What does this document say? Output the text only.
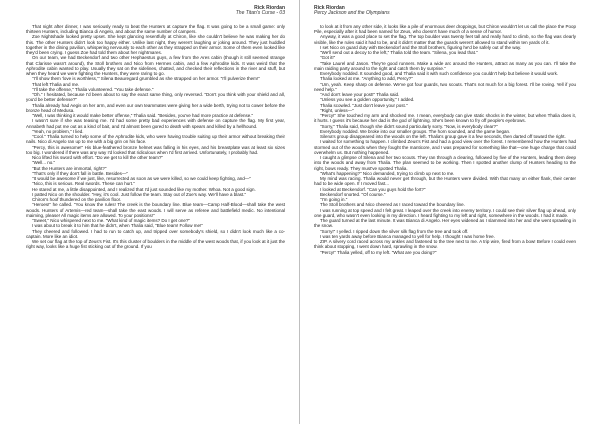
Rick Riordan
The Titan's Curse - 03

That night after dinner, I was seriously ready to beat the Hunters at capture the flag. It was going to be a small game: only thirteen Hunters, including Bianca di Angelo, and about the same number of campers.

Zoe Nightshade looked pretty upset. She kept glancing resentfully at Chiron, like she couldn't believe he was making her do this. The other Hunters didn't look too happy either. Unlike last night, they weren't laughing or joking around. They just huddled together in the dining pavilion, whispering nervously to each other as they strapped on their armor. Some of them even looked like they'd been crying. I guess Zoe had told them about her nightmares.

On our team, we had Beckendorf and two other Hephaestus guys, a few from the Ares cabin (though it still seemed strange that Clarisse wasn't around), the Stoll brothers and Nico from Hermes cabin, and a few Aphrodite kids. It was weird that the Aphrodite cabin wanted to play. Usually they sat on the sidelines, chatted, and checked their reflections in the river and stuff, but when they heard we were fighting the Hunters, they were raring to go.

"I'll show them 'love is worthless,'" Silena Beauregard grumbled as she strapped on her armor. "I'll pulverize them!"

That left Thalia and me.

"I'll take the offense," Thalia volunteered. "You take defense."

"Oh." I hesitated, because I'd been about to say the exact same thing, only reversed. "Don't you think with your shield and all, you'd be better defense?"

Thalia already had Aegis on her arm, and even our own teammates were giving her a wide berth, trying not to cower before the bronze head of Medusa.

"Well, I was thinking it would make better offense," Thalia said. "Besides, you've had more practice at defense."

I wasn't sure if she was teasing me. I'd had some pretty bad experiences with defense on capture the flag. My first year, Annabeth had put me out as a kind of bait, and I'd almost been gored to death with spears and killed by a hellhound.

"Yeah, no problem," I lied.

"Cool." Thalia turned to help some of the Aphrodite kids, who were having trouble suiting up their armor without breaking their nails. Nico di Angelo ran up to me with a big grin on his face.

"Percy, this is awesome!" His blue-feathered bronze helmet was falling in his eyes, and his breastplate was at least six sizes too big. I wondered if there was any way I'd looked that ridiculous when I'd first arrived. Unfortunately, I probably had.

Nico lifted his sword with effort. "Do we get to kill the other team?"

"Well... no."

"But the Hunters are immortal, right?"

"That's only if they don't fall in battle. Besides—"

"It would be awesome if we just, like, resurrected as soon as we were killed, so we could keep fighting, and—"

"Nico, this is serious. Real swords. These can hurt."

He stared at me, a little disappointed, and I realized that I'd just sounded like my mother. Whoa. Not a good sign.

I patted Nico on the shoulder. "Hey, it's cool. Just follow the team. Stay out of Zoe's way. We'll have a blast."

Chiron's hoof thundered on the pavilion floor.

"Heroes!" he called. "You know the rules! The creek is the boundary line. Blue team—Camp Half-Blood—shall take the west woods. Hunters of Artemis—red team—shall take the east woods. I will serve as referee and battlefield medic. No intentional maiming, please! All magic items are allowed. To your positions!"

"Sweet," Nico whispered next to me. "What kind of magic items? Do I get one?"

I was about to break it to him that he didn't, when Thalia said, "Blue team! Follow me!"

They cheered and followed. I had to run to catch up, and tripped over somebody's shield, so I didn't look much like a co-captain. More like an idiot.

We set our flag at the top of Zeus's Fist. It's this cluster of boulders in the middle of the west woods that, if you look at it just the right way, looks like a huge fist sticking out of the ground. If you

Rick Riordan
Percy Jackson and the Olympians

to look at it from any other side, it looks like a pile of enormous deer droppings, but Chiron wouldn't let us call the place the Poop Pile, especially after it had been named for Zeus, who doesn't have much of a sense of humor.

Anyway, it was a good place to set the flag. The top boulder was twenty feet tall and really hard to climb, so the flag was clearly visible, like the rules said it had to be, and it didn't matter that the guards weren't allowed to stand within ten yards of it.

I set Nico on guard duty with Beckendorf and the Stoll brothers, figuring he'd be safely out of the way.

"We'll send out a decoy to the left," Thalia told the team. "Silena, you lead that."

"Got it!"

"Take Laurel and Jason. They're good runners. Make a wide arc around the Hunters, attract as many as you can. I'll take the main raiding party around to the right and catch them by surprise."

Everybody nodded. It sounded good, and Thalia said it with such confidence you couldn't help but believe it would work.

Thalia looked at me. "Anything to add, Percy?"

"Um, yeah. Keep sharp on defense. We've got four guards, two scouts. That's not much for a big forest. I'll be roving. Yell if you need help."

"And don't leave your post!" Thalia said.

"Unless you see a golden opportunity," I added.

Thalia scowled. "Just don't leave your post."

"Right, unless—"

"Percy!" She touched my arm and shocked me. I mean, everybody can give static shocks in the winter, but when Thalia does it, it hurts. I guess it's because her dad is the god of lightning. She's been known to fry off people's eyebrows.

"Sorry," Thalia said, though she didn't sound particularly sorry. "Now, is everybody clear?"

Everybody nodded. We broke into our smaller groups. The horn sounded, and the game began.

Silena's group disappeared into the woods on the left. Thalia's group gave it a few seconds, then darted off toward the right.

I waited for something to happen. I climbed Zeus's Fist and had a good view over the forest. I remembered how the Hunters had stormed out of the woods when they fought the manticore, and I was prepared for something like that—one huge charge that could overwhelm us. But nothing happened.

I caught a glimpse of Silena and her two scouts. They ran through a clearing, followed by five of the Hunters, leading them deep into the woods and away from Thalia. The plan seemed to be working. Then I spotted another clump of Hunters heading to the right, bows ready. They must've spotted Thalia.

"What's happening?" Nico demanded, trying to climb up next to me.

My mind was racing. Thalia would never get through, but the Hunters were divided. With that many on either flank, their center had to be wide open. If I moved fast...

I looked at Beckendorf. "Can you guys hold the fort?"

Beckendorf snorted. "Of course."

"I'm going in."

The Stoll brothers and Nico cheered as I raced toward the boundary line.

I was running at top speed and I felt great. I leaped over the creek into enemy territory. I could see their silver flag up ahead, only one guard, who wasn't even looking in my direction. I heard fighting to my left and right, somewhere in the woods. I had it made.

The guard turned at the last minute. It was Bianca di Angelo. Her eyes widened as I slammed into her and she went sprawling in the snow.

"Sorry!" I yelled. I ripped down the silver silk flag from the tree and took off.

I was ten yards away before Bianca managed to yell for help. I thought I was home free.

ZIP. A silvery cord raced across my ankles and fastened to the tree next to me. A trip wire, fired from a bow! Before I could even think about stopping, I went down hard, sprawling in the snow.

"Percy!" Thalia yelled, off to my left. "What are you doing?"
